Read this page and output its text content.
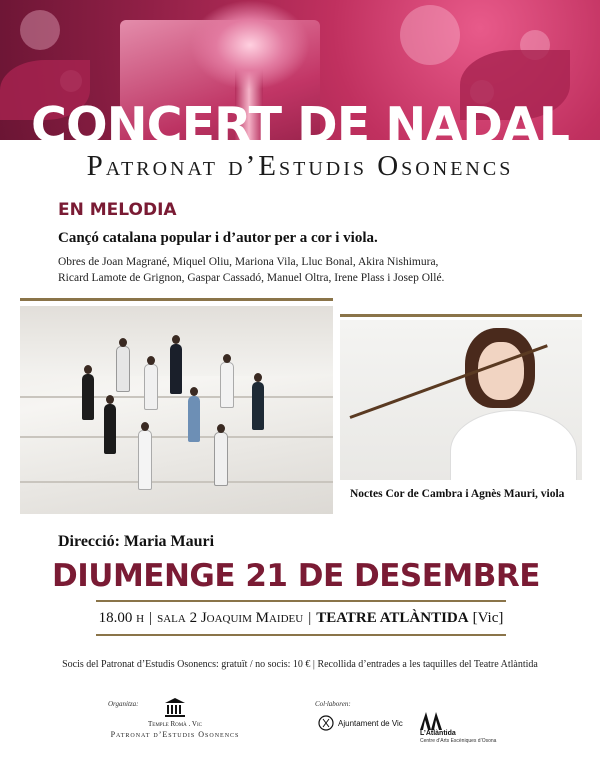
CONCERT DE NADAL
Patronat d’Estudis Osonencs
EN MELODIA
Cançó catalana popular i d’autor per a cor i viola.
Obres de Joan Magrané, Miquel Oliu, Mariona Vila, Lluc Bonal, Akira Nishimura,
Ricard Lamote de Grignon, Gaspar Cassadó, Manuel Oltra, Irene Plass i Josep Ollé.
Noctes Cor de Cambra i Agnès Mauri, viola
Direcció: Maria Mauri
DIUMENGE 21 DE DESEMBRE
18.00 h | sala 2 Joaquim Maideu | TEATRE ATLÀNTIDA [Vic]
Socis del Patronat d’Estudis Osonencs: gratuït / no socis: 10 € | Recollida d’entrades a les taquilles del Teatre Atlàntida
Organitza:
Temple Romà . Vic
Patronat d’Estudis Osonencs
Col·laboren:
Ajuntament de Vic
L’Atlàntida
Centre d’Arts Escèniques d’Osona
